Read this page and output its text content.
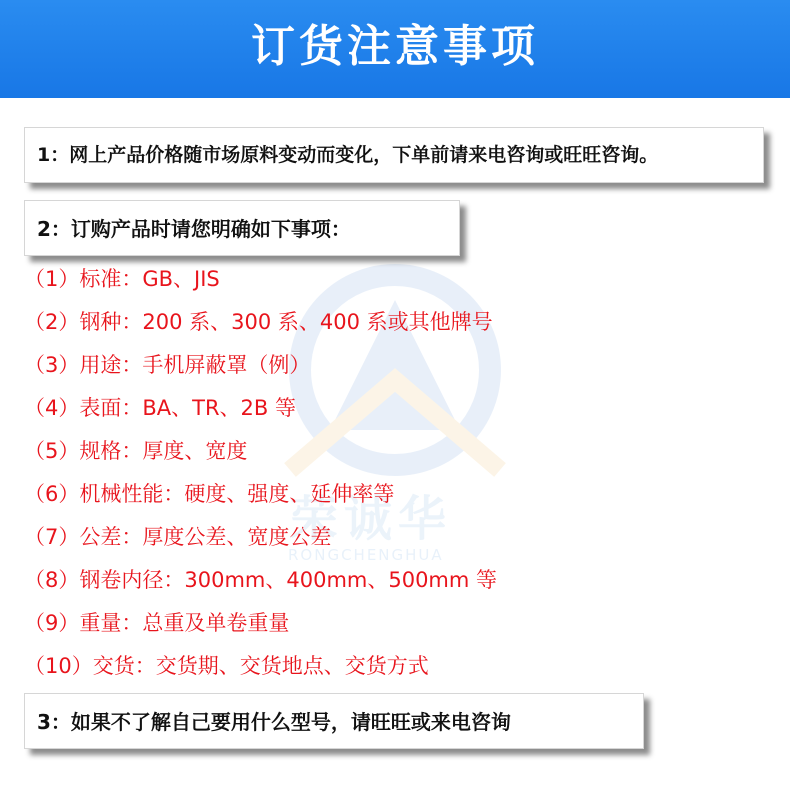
订货注意事项
荣诚华
RONGCHENGHUA
1：网上产品价格随市场原料变动而变化，下单前请来电咨询或旺旺咨询。
2：订购产品时请您明确如下事项：
（1）标准：GB、JIS
（2）钢种：200 系、300 系、400 系或其他牌号
（3）用途：手机屏蔽罩（例）
（4）表面：BA、TR、2B 等
（5）规格：厚度、宽度
（6）机械性能：硬度、强度、延伸率等
（7）公差：厚度公差、宽度公差
（8）钢卷内径：300mm、400mm、500mm 等
（9）重量：总重及单卷重量
（10）交货：交货期、交货地点、交货方式
3：如果不了解自己要用什么型号，请旺旺或来电咨询
